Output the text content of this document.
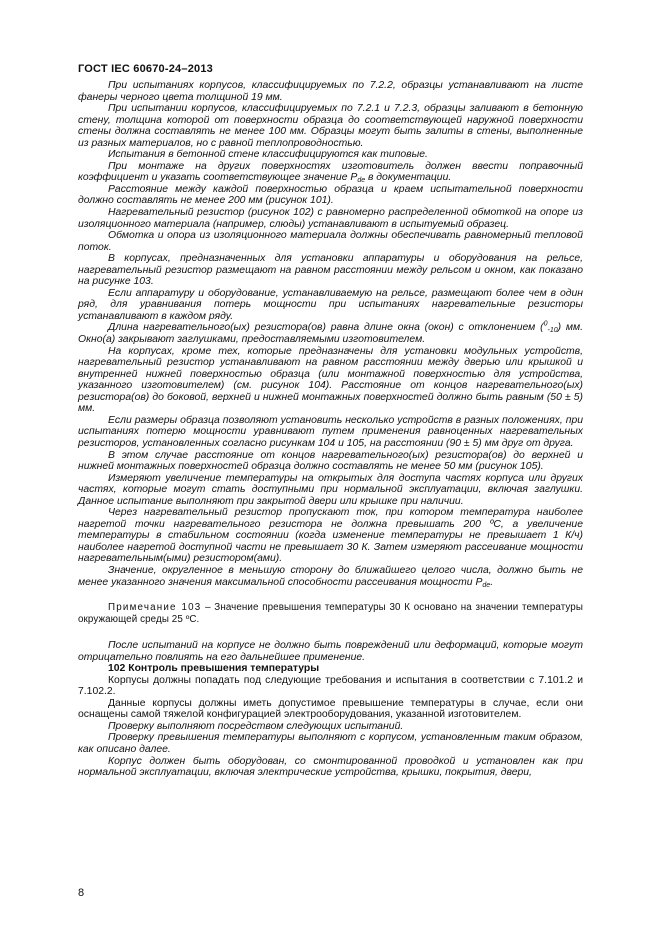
ГОСТ IEC 60670-24–2013

При испытаниях корпусов, классифицируемых по 7.2.2, образцы устанавливают на листе фанеры черного цвета толщиной 19 мм.

При испытании корпусов, классифицируемых по 7.2.1 и 7.2.3, образцы заливают в бетонную стену, толщина которой от поверхности образца до соответствующей наружной поверхности стены должна составлять не менее 100 мм. Образцы могут быть залиты в стены, выполненные из разных материалов, но с равной теплопроводностью.

Испытания в бетонной стене классифицируются как типовые.

При монтаже на других поверхностях изготовитель должен ввести поправочный коэффициент и указать соответствующее значение $P_{de}$ в документации.

Расстояние между каждой поверхностью образца и краем испытательной поверхности должно составлять не менее 200 мм (рисунок 101).

Нагревательный резистор (рисунок 102) с равномерно распределенной обмоткой на опоре из изоляционного материала (например, слюды) устанавливают в испытуемый образец.

Обмотка и опора из изоляционного материала должны обеспечивать равномерный тепловой поток.

В корпусах, предназначенных для установки аппаратуры и оборудования на рельсе, нагревательный резистор размещают на равном расстоянии между рельсом и окном, как показано на рисунке 103.

Если аппаратуру и оборудование, устанавливаемую на рельсе, размещают более чем в один ряд, для уравнивания потерь мощности при испытаниях нагревательные резисторы устанавливают в каждом ряду.

Длина нагревательного(ых) резистора(ов) равна длине окна (окон) с отклонением ($^0_{-10}$) мм. Окно(а) закрывают заглушками, предоставляемыми изготовителем.

На корпусах, кроме тех, которые предназначены для установки модульных устройств, нагревательный резистор устанавливают на равном расстоянии между дверью или крышкой и внутренней нижней поверхностью образца (или монтажной поверхностью для устройства, указанного изготовителем) (см. рисунок 104). Расстояние от концов нагревательного(ых) резистора(ов) до боковой, верхней и нижней монтажных поверхностей должно быть равным (50 ± 5) мм.

Если размеры образца позволяют установить несколько устройств в разных положениях, при испытаниях потерю мощности уравнивают путем применения равноценных нагревательных резисторов, установленных согласно рисункам 104 и 105, на расстоянии (90 ± 5) мм друг от друга.

В этом случае расстояние от концов нагревательного(ых) резистора(ов) до верхней и нижней монтажных поверхностей образца должно составлять не менее 50 мм (рисунок 105).

Измеряют увеличение температуры на открытых для доступа частях корпуса или других частях, которые могут стать доступными при нормальной эксплуатации, включая заглушки. Данное испытание выполняют при закрытой двери или крышке при наличии.

Через нагревательный резистор пропускают ток, при котором температура наиболее нагретой точки нагревательного резистора не должна превышать 200 ºС, а увеличение температуры в стабильном состоянии (когда изменение температуры не превышает 1 К/ч) наиболее нагретой доступной части не превышает 30 К. Затем измеряют рассеивание мощности нагревательным(ыми) резистором(ами).

Значение, округленное в меньшую сторону до ближайшего целого числа, должно быть не менее указанного значения максимальной способности рассеивания мощности $P_{de}$.

Примечание 103 – Значение превышения температуры 30 К основано на значении температуры окружающей среды 25 ºС.

После испытаний на корпусе не должно быть повреждений или деформаций, которые могут отрицательно повлиять на его дальнейшее применение.

102 Контроль превышения температуры

Корпусы должны попадать под следующие требования и испытания в соответствии с 7.101.2 и 7.102.2.

Данные корпусы должны иметь допустимое превышение температуры в случае, если они оснащены самой тяжелой конфигурацией электрооборудования, указанной изготовителем.

Проверку выполняют посредством следующих испытаний.

Проверку превышения температуры выполняют с корпусом, установленным таким образом, как описано далее.

Корпус должен быть оборудован, со смонтированной проводкой и установлен как при нормальной эксплуатации, включая электрические устройства, крышки, покрытия, двери,

8
